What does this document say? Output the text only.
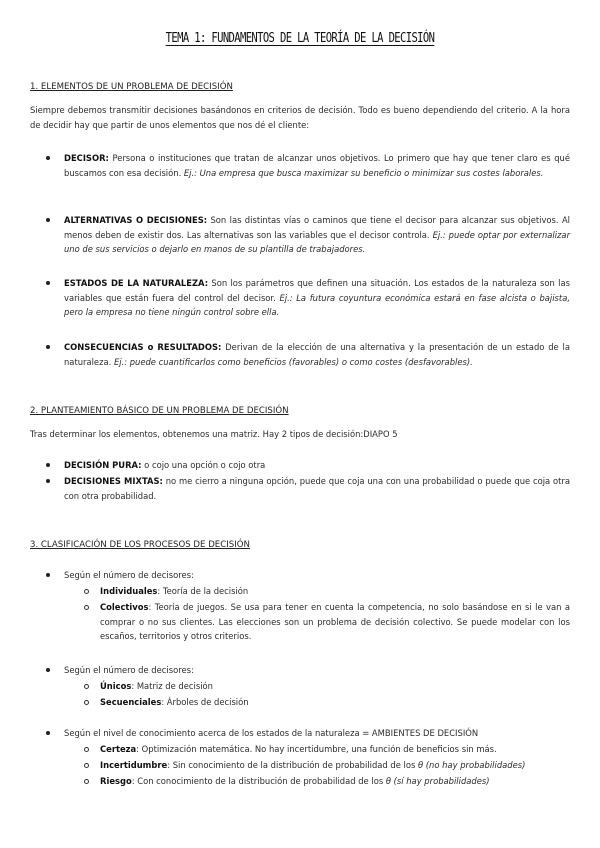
TEMA 1: FUNDAMENTOS DE LA TEORÍA DE LA DECISIÓN

1. ELEMENTOS DE UN PROBLEMA DE DECISIÓN

Siempre debemos transmitir decisiones basándonos en criterios de decisión. Todo es bueno dependiendo del criterio. A la hora de decidir hay que partir de unos elementos que nos dé el cliente:

DECISOR: Persona o instituciones que tratan de alcanzar unos objetivos. Lo primero que hay que tener claro es qué buscamos con esa decisión. Ej.: Una empresa que busca maximizar su beneficio o minimizar sus costes laborales.
ALTERNATIVAS O DECISIONES: Son las distintas vías o caminos que tiene el decisor para alcanzar sus objetivos. Al menos deben de existir dos. Las alternativas son las variables que el decisor controla. Ej.: puede optar por externalizar uno de sus servicios o dejarlo en manos de su plantilla de trabajadores.
ESTADOS DE LA NATURALEZA: Son los parámetros que definen una situación. Los estados de la naturaleza son las variables que están fuera del control del decisor. Ej.: La futura coyuntura económica estará en fase alcista o bajista, pero la empresa no tiene ningún control sobre ella.
CONSECUENCIAS o RESULTADOS: Derivan de la elección de una alternativa y la presentación de un estado de la naturaleza. Ej.: puede cuantificarlos como beneficios (favorables) o como costes (desfavorables).

2. PLANTEAMIENTO BÁSICO DE UN PROBLEMA DE DECISIÓN

Tras determinar los elementos, obtenemos una matriz. Hay 2 tipos de decisión:DIAPO 5

DECISIÓN PURA: o cojo una opción o cojo otra
DECISIONES MIXTAS: no me cierro a ninguna opción, puede que coja una con una probabilidad o puede que coja otra con otra probabilidad.

3. CLASIFICACIÓN DE LOS PROCESOS DE DECISIÓN

Según el número de decisores:
Individuales: Teoría de la decisión
Colectivos: Teoría de juegos. Se usa para tener en cuenta la competencia, no solo basándose en si le van a comprar o no sus clientes. Las elecciones son un problema de decisión colectivo. Se puede modelar con los escaños, territorios y otros criterios.
Según el número de decisores:
Únicos: Matriz de decisión
Secuenciales: Árboles de decisión
Según el nivel de conocimiento acerca de los estados de la naturaleza = AMBIENTES DE DECISIÓN
Certeza: Optimización matemática. No hay incertidumbre, una función de beneficios sin más.
Incertidumbre: Sin conocimiento de la distribución de probabilidad de los θ (no hay probabilidades)
Riesgo: Con conocimiento de la distribución de probabilidad de los θ (sí hay probabilidades)
